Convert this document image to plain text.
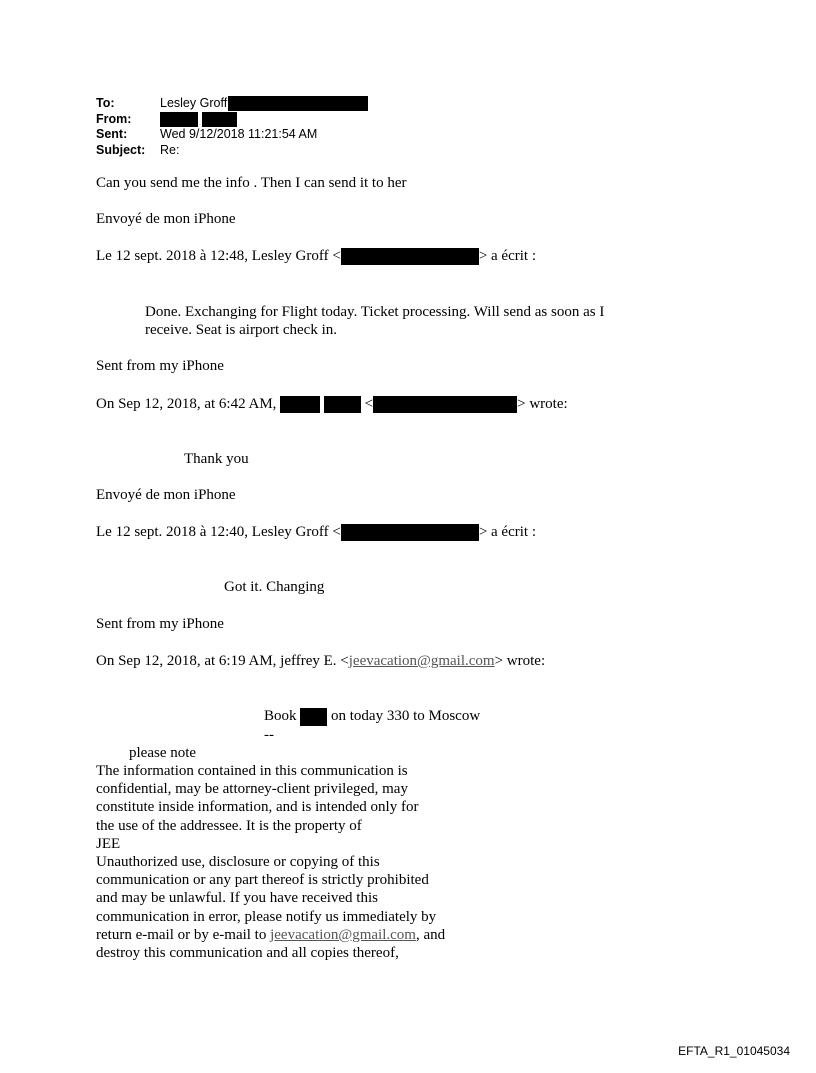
To:	Lesley Groff
From:
Sent:	Wed 9/12/2018 11:21:54 AM
Subject: Re:
Can you send me the info . Then I can send it to her
Envoyé de mon iPhone
Le 12 sept. 2018 à 12:48, Lesley Groff <	> a écrit :
Done. Exchanging for Flight today. Ticket processing. Will send as soon as I
receive. Seat is airport check in.
Sent from my iPhone
On Sep 12, 2018, at 6:42 AM,	<	> wrote:
Thank you
Envoyé de mon iPhone
Le 12 sept. 2018 à 12:40, Lesley Groff <	> a écrit :
Got it. Changing
Sent from my iPhone
On Sep 12, 2018, at 6:19 AM, jeffrey E. <jeevacation@gmail.com> wrote:
Book on today 330 to Moscow
--
please note
The information contained in this communication is
confidential, may be attorney-client privileged, may
constitute inside information, and is intended only for
the use of the addressee. It is the property of
JEE
Unauthorized use, disclosure or copying of this
communication or any part thereof is strictly prohibited
and may be unlawful. If you have received this
communication in error, please notify us immediately by
return e-mail or by e-mail to jeevacation@gmail.com, and
destroy this communication and all copies thereof,
EFTA_R1_01045034
